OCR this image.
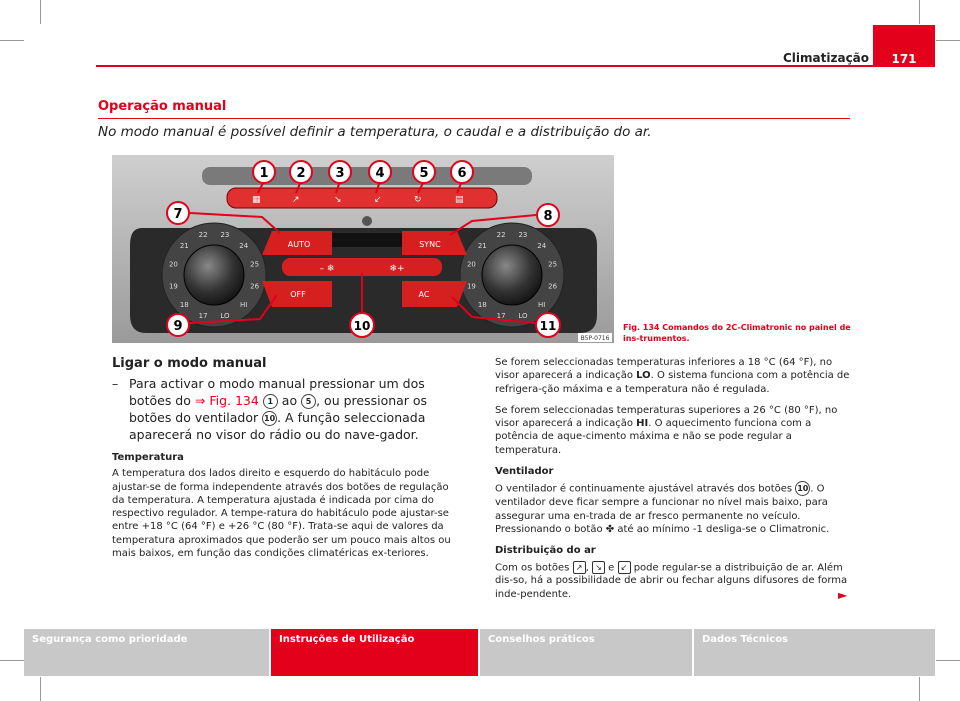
Climatização	171
Operação manual
No modo manual é possível definir a temperatura, o caudal e a distribuição do ar.
▦	↗	↘	↙	↻	▤
20
21
22 23
24
25
26
HI
LO
17
18
19
20
21
22 23
24
25
26
HI
LO
17
18
19
AUTO	SYNC
– ❄	❄+
OFF	AC
1 2 3 4	5 6
7	8
9	10	11
B5P-0716
Fig. 134 Comandos do 2C-Climatronic no painel de ins-trumentos.
Ligar o modo manual
– Para activar o modo manual pressionar um dos botões do ⇒ Fig. 134 1 ao 5 , ou pressionar os botões do ventilador 10 . A função seleccionada aparecerá no visor do rádio ou do nave-gador.
Temperatura

A temperatura dos lados direito e esquerdo do habitáculo pode ajustar-se de forma independente através dos botões de regulação da temperatura. A temperatura ajustada é indicada por cima do respectivo regulador. A tempe-ratura do habitáculo pode ajustar-se entre +18 °C (64 °F) e +26 °C (80 °F). Trata-se aqui de valores da temperatura aproximados que poderão ser um pouco mais altos ou mais baixos, em função das condições climatéricas ex-teriores.

Se forem seleccionadas temperaturas inferiores a 18 °C (64 °F), no visor aparecerá a indicação LO. O sistema funciona com a potência de refrigera-ção máxima e a temperatura não é regulada.

Se forem seleccionadas temperaturas superiores a 26 °C (80 °F), no visor aparecerá a indicação HI. O aquecimento funciona com a potência de aque-cimento máxima e não se pode regular a temperatura.

Ventilador

O ventilador é continuamente ajustável através dos botões 10 . O ventilador deve ficar sempre a funcionar no nível mais baixo, para assegurar uma en-trada de ar fresco permanente no veículo. Pressionando o botão ✤ até ao mínimo -1 desliga-se o Climatronic.

Distribuição do ar

Com os botões ↗ , ↘ e ↙ pode regular-se a distribuição de ar. Além dis-so, há a possibilidade de abrir ou fechar alguns difusores de forma inde-pendente.	►
Segurança como prioridade	Instruções de Utilização	Conselhos práticos	Dados Técnicos
